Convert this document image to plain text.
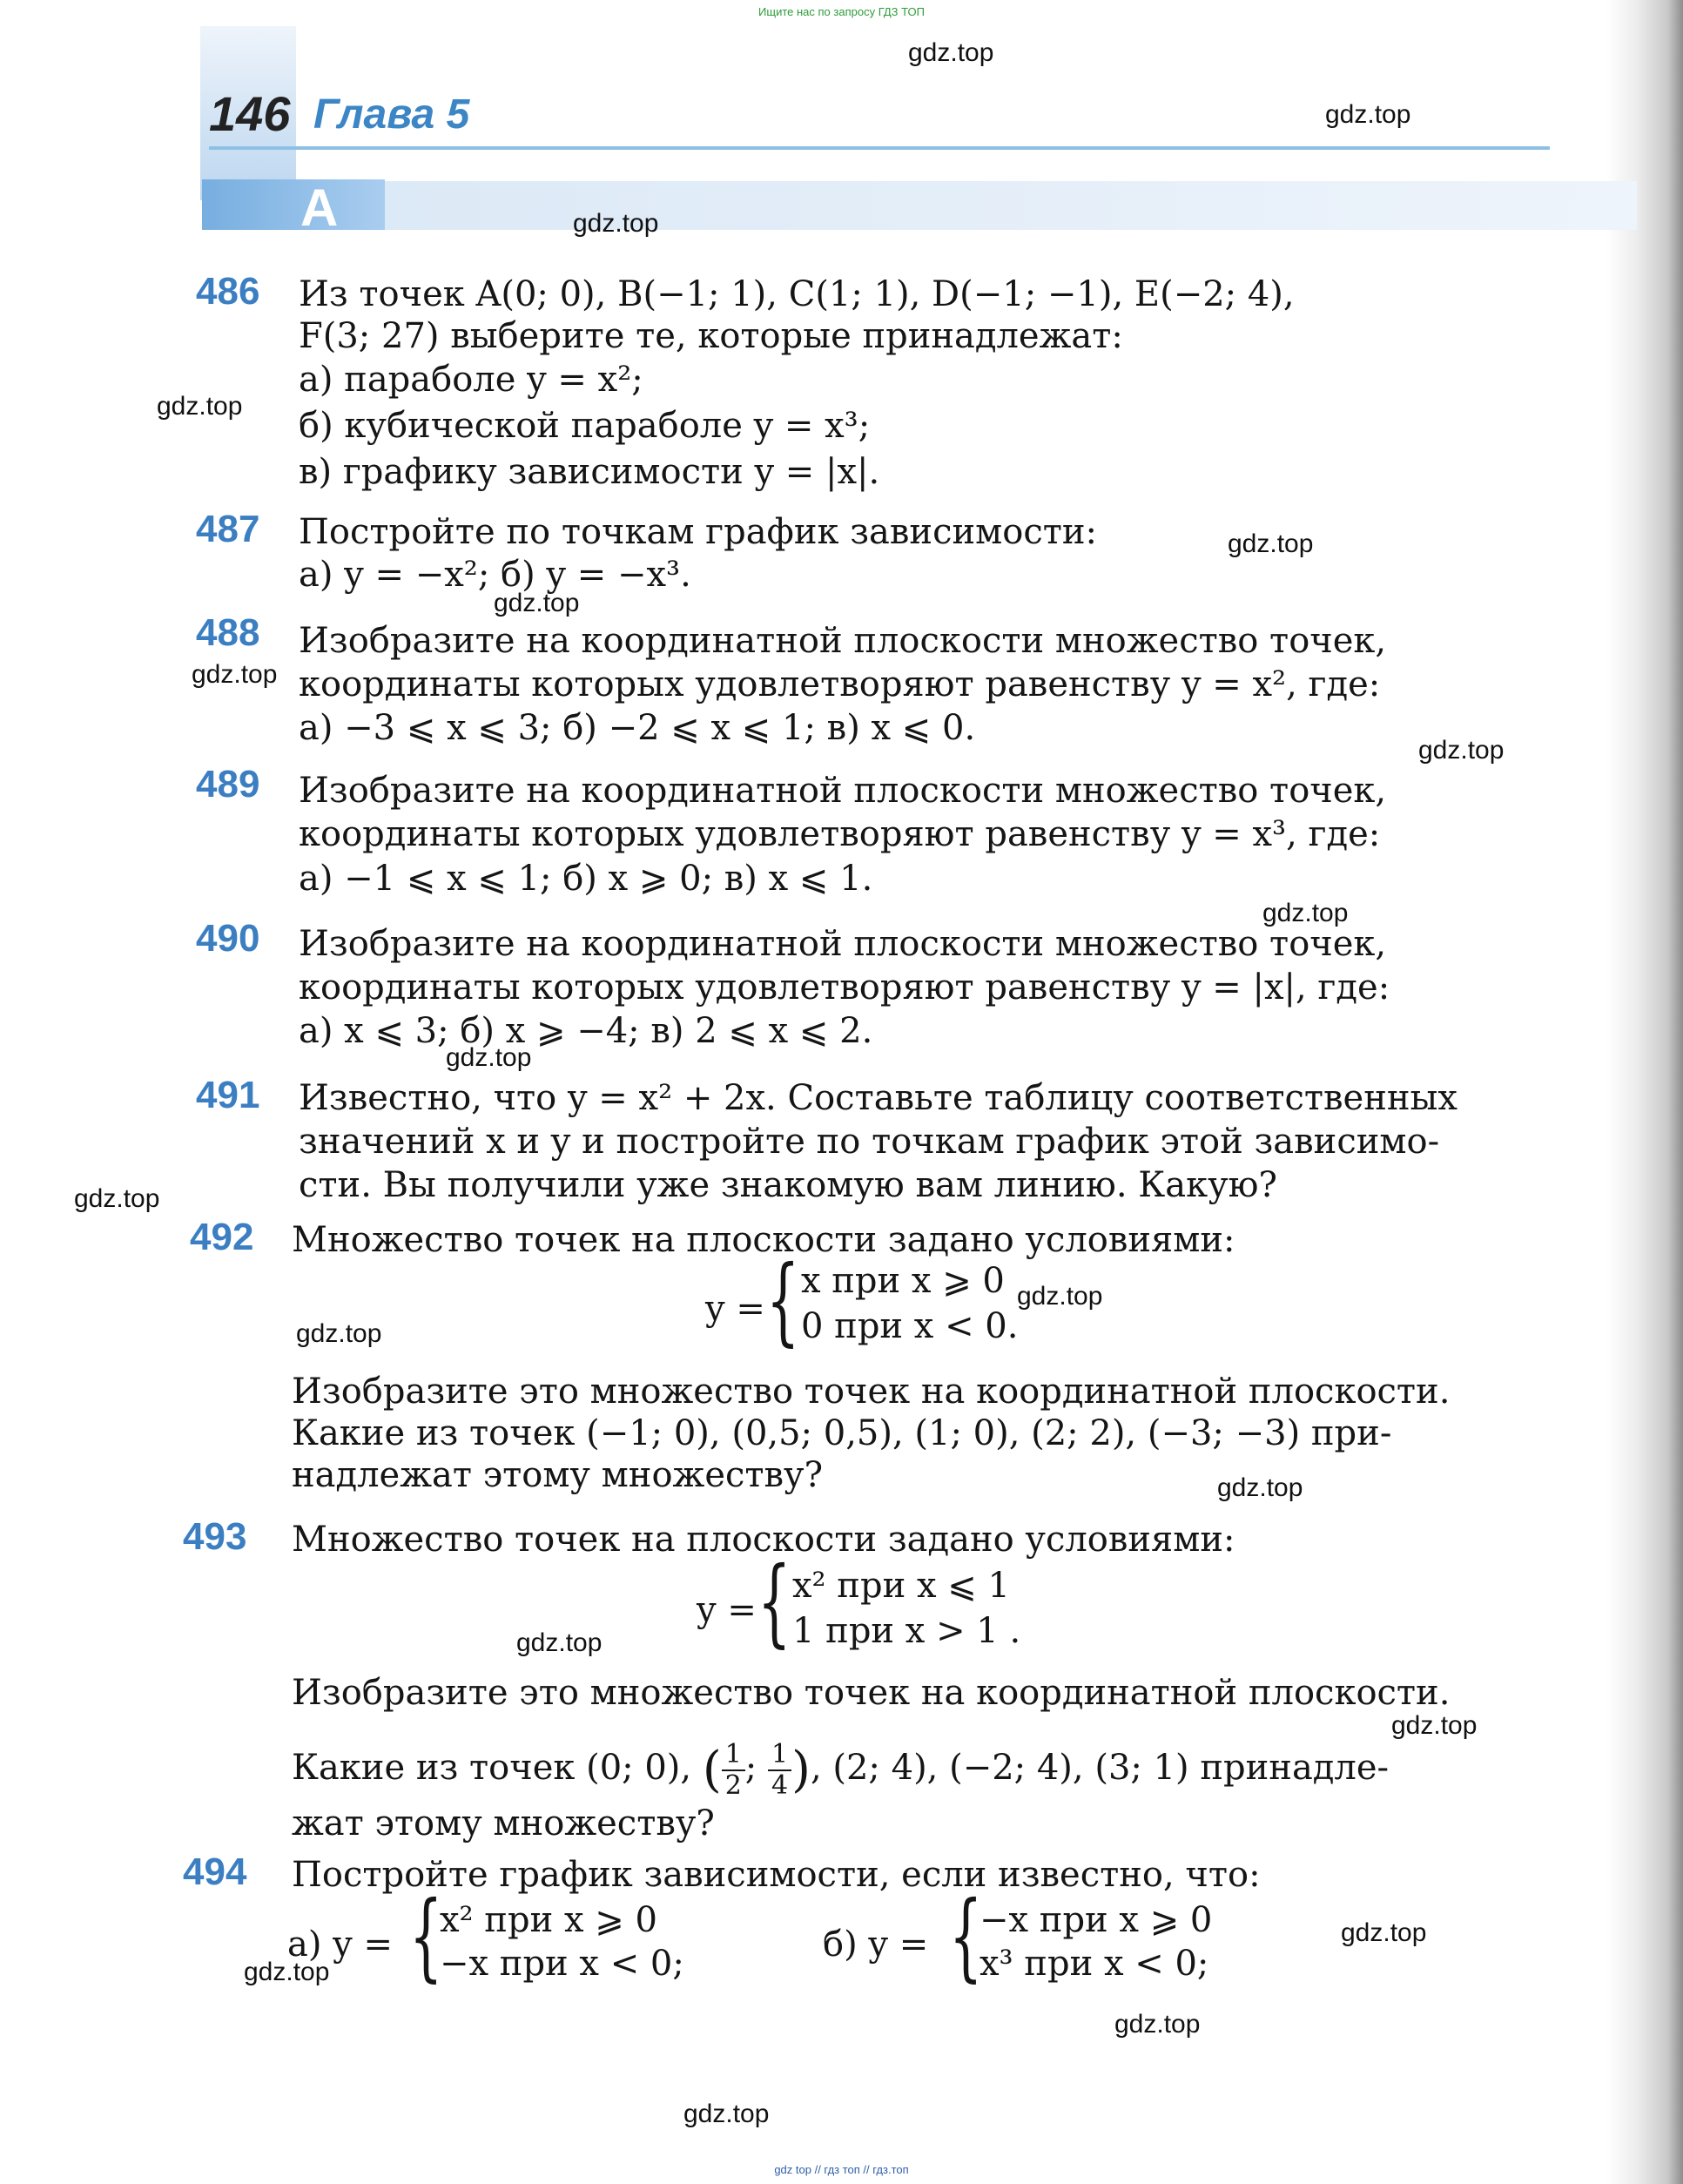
Ищите нас по запросу ГДЗ ТОП
146 Глава 5
A
gdz.top
gdz.top
gdz.top
gdz.top
gdz.top
gdz.top
gdz.top
gdz.top
gdz.top
gdz.top
gdz.top
gdz.top
gdz.top
gdz.top
gdz.top
gdz.top
gdz.top
gdz.top
gdz.top
gdz.top
486 Из точек A(0; 0), B(−1; 1), C(1; 1), D(−1; −1), E(−2; 4),
F(3; 27) выберите те, которые принадлежат:
а) параболе y = x²;
б) кубической параболе y = x³;
в) графику зависимости y = |x|.
487 Постройте по точкам график зависимости:
а) y = −x²; б) y = −x³.
488 Изобразите на координатной плоскости множество точек,
координаты которых удовлетворяют равенству y = x², где:
а) −3 ⩽ x ⩽ 3; б) −2 ⩽ x ⩽ 1; в) x ⩽ 0.
489 Изобразите на координатной плоскости множество точек,
координаты которых удовлетворяют равенству y = x³, где:
а) −1 ⩽ x ⩽ 1; б) x ⩾ 0; в) x ⩽ 1.
490 Изобразите на координатной плоскости множество точек,
координаты которых удовлетворяют равенству y = |x|, где:
а) x ⩽ 3; б) x ⩾ −4; в) 2 ⩽ x ⩽ 2.
491 Известно, что y = x² + 2x. Составьте таблицу соответственных
значений x и y и постройте по точкам график этой зависимо-
сти. Вы получили уже знакомую вам линию. Какую?
492 Множество точек на плоскости задано условиями:
y = { x при x ⩾ 0
0 при x < 0.
Изобразите это множество точек на координатной плоскости.
Какие из точек (−1; 0), (0,5; 0,5), (1; 0), (2; 2), (−3; −3) при-
надлежат этому множеству?
493 Множество точек на плоскости задано условиями:
y = { x² при x ⩽ 1
1 при x > 1 .
Изобразите это множество точек на координатной плоскости.
Какие из точек (0; 0), ( $\frac{1}{2}$ ; $\frac{1}{4}$ ), (2; 4), (−2; 4), (3; 1) принадле-
жат этому множеству?
494 Постройте график зависимости, если известно, что:
а) y = {
x² при x ⩾ 0
−x при x < 0;	б) y = {
−x при x ⩾ 0
x³ при x < 0;
gdz top // гдз топ // гдз.топ
